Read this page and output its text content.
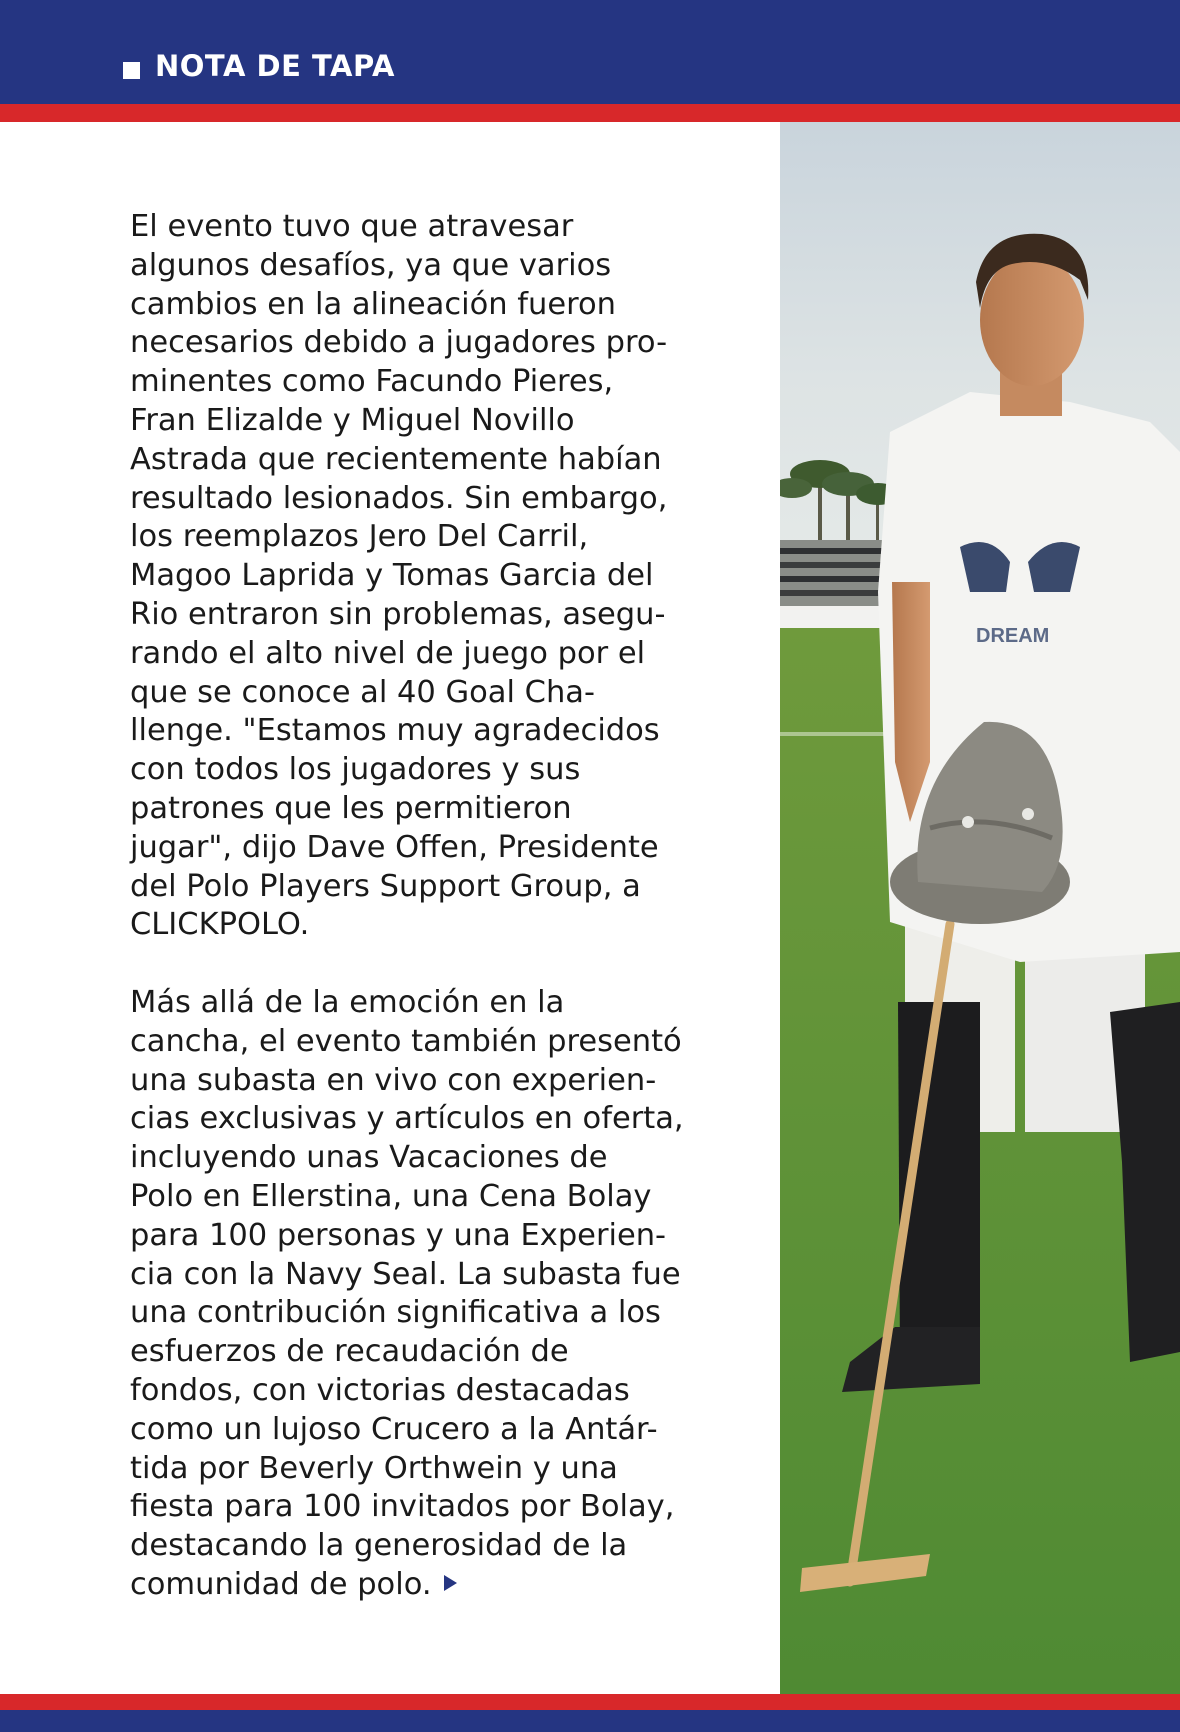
NOTA DE TAPA

El evento tuvo que atravesar
algunos desafíos, ya que varios
cambios en la alineación fueron
necesarios debido a jugadores pro-
minentes como Facundo Pieres,
Fran Elizalde y Miguel Novillo
Astrada que recientemente habían
resultado lesionados. Sin embargo,
los reemplazos Jero Del Carril,
Magoo Laprida y Tomas Garcia del
Rio entraron sin problemas, asegu-
rando el alto nivel de juego por el
que se conoce al 40 Goal Cha-
llenge. "Estamos muy agradecidos
con todos los jugadores y sus
patrones que les permitieron
jugar", dijo Dave Offen, Presidente
del Polo Players Support Group, a
CLICKPOLO.

Más allá de la emoción en la
cancha, el evento también presentó
una subasta en vivo con experien-
cias exclusivas y artículos en oferta,
incluyendo unas Vacaciones de
Polo en Ellerstina, una Cena Bolay
para 100 personas y una Experien-
cia con la Navy Seal. La subasta fue
una contribución significativa a los
esfuerzos de recaudación de
fondos, con victorias destacadas
como un lujoso Crucero a la Antár-
tida por Beverly Orthwein y una
fiesta para 100 invitados por Bolay,
destacando la generosidad de la
comunidad de polo.

DREAM
